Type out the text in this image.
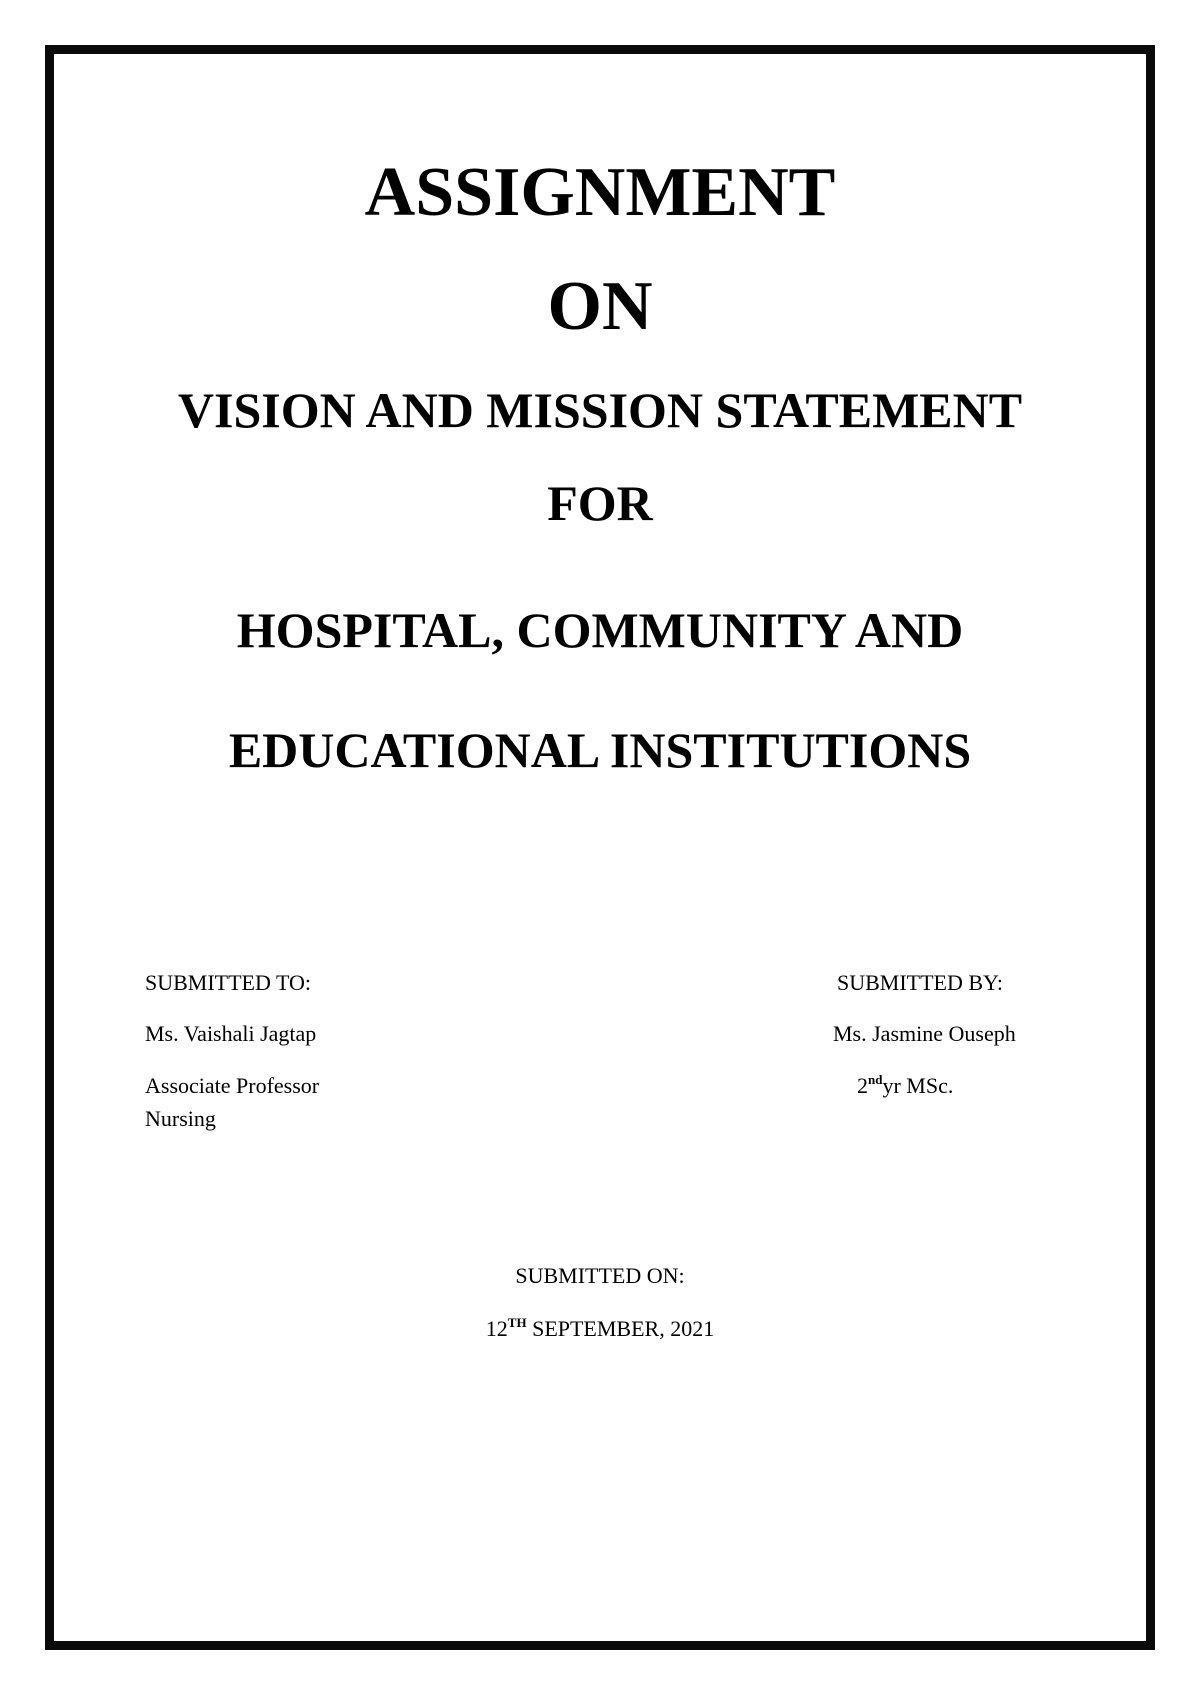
ASSIGNMENT
ON
VISION AND MISSION STATEMENT
FOR
HOSPITAL, COMMUNITY AND
EDUCATIONAL INSTITUTIONS
SUBMITTED TO:
Ms. Vaishali Jagtap
Associate Professor
Nursing
SUBMITTED BY:
Ms. Jasmine Ouseph
2ndyr MSc.
SUBMITTED ON:
12TH SEPTEMBER, 2021
